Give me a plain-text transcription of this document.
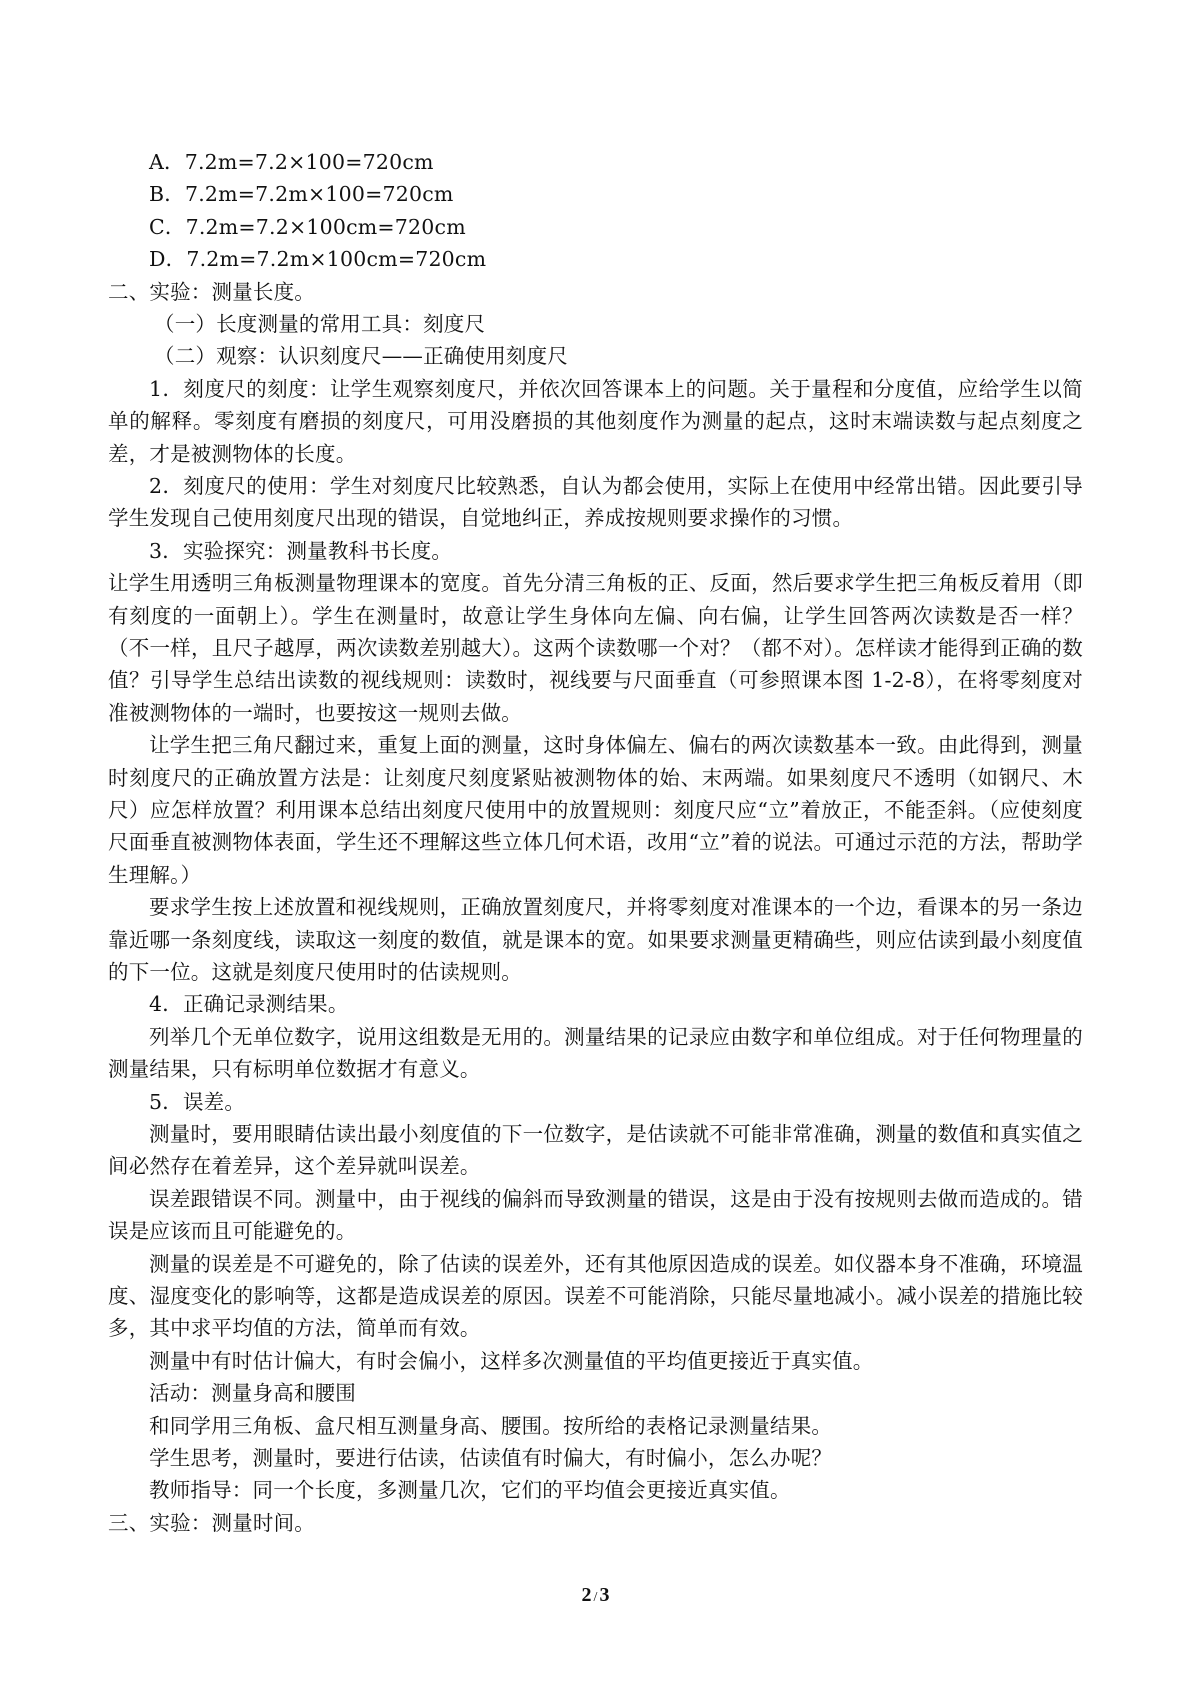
A．7.2m=7.2×100=720cm
B．7.2m=7.2m×100=720cm
C．7.2m=7.2×100cm=720cm
D．7.2m=7.2m×100cm=720cm
二、实验：测量长度。
（一）长度测量的常用工具：刻度尺
（二）观察：认识刻度尺——正确使用刻度尺
1．刻度尺的刻度：让学生观察刻度尺，并依次回答课本上的问题。关于量程和分度值，应给学生以简单的解释。零刻度有磨损的刻度尺，可用没磨损的其他刻度作为测量的起点，这时末端读数与起点刻度之差，才是被测物体的长度。
2．刻度尺的使用：学生对刻度尺比较熟悉，自认为都会使用，实际上在使用中经常出错。因此要引导学生发现自己使用刻度尺出现的错误，自觉地纠正，养成按规则要求操作的习惯。
3．实验探究：测量教科书长度。
让学生用透明三角板测量物理课本的宽度。首先分清三角板的正、反面，然后要求学生把三角板反着用（即有刻度的一面朝上）。学生在测量时，故意让学生身体向左偏、向右偏，让学生回答两次读数是否一样？（不一样，且尺子越厚，两次读数差别越大）。这两个读数哪一个对？（都不对）。怎样读才能得到正确的数值？引导学生总结出读数的视线规则：读数时，视线要与尺面垂直（可参照课本图 1-2-8），在将零刻度对准被测物体的一端时，也要按这一规则去做。
让学生把三角尺翻过来，重复上面的测量，这时身体偏左、偏右的两次读数基本一致。由此得到，测量时刻度尺的正确放置方法是：让刻度尺刻度紧贴被测物体的始、末两端。如果刻度尺不透明（如钢尺、木尺）应怎样放置？利用课本总结出刻度尺使用中的放置规则：刻度尺应“立”着放正，不能歪斜。（应使刻度尺面垂直被测物体表面，学生还不理解这些立体几何术语，改用“立”着的说法。可通过示范的方法，帮助学生理解。）
要求学生按上述放置和视线规则，正确放置刻度尺，并将零刻度对准课本的一个边，看课本的另一条边靠近哪一条刻度线，读取这一刻度的数值，就是课本的宽。如果要求测量更精确些，则应估读到最小刻度值的下一位。这就是刻度尺使用时的估读规则。
4．正确记录测结果。
列举几个无单位数字，说用这组数是无用的。测量结果的记录应由数字和单位组成。对于任何物理量的测量结果，只有标明单位数据才有意义。
5．误差。
测量时，要用眼睛估读出最小刻度值的下一位数字，是估读就不可能非常准确，测量的数值和真实值之间必然存在着差异，这个差异就叫误差。
误差跟错误不同。测量中，由于视线的偏斜而导致测量的错误，这是由于没有按规则去做而造成的。错误是应该而且可能避免的。
测量的误差是不可避免的，除了估读的误差外，还有其他原因造成的误差。如仪器本身不准确，环境温度、湿度变化的影响等，这都是造成误差的原因。误差不可能消除，只能尽量地减小。减小误差的措施比较多，其中求平均值的方法，简单而有效。
测量中有时估计偏大，有时会偏小，这样多次测量值的平均值更接近于真实值。
活动：测量身高和腰围
和同学用三角板、盒尺相互测量身高、腰围。按所给的表格记录测量结果。
学生思考，测量时，要进行估读，估读值有时偏大，有时偏小，怎么办呢？
教师指导：同一个长度，多测量几次，它们的平均值会更接近真实值。
三、实验：测量时间。
2 / 3
